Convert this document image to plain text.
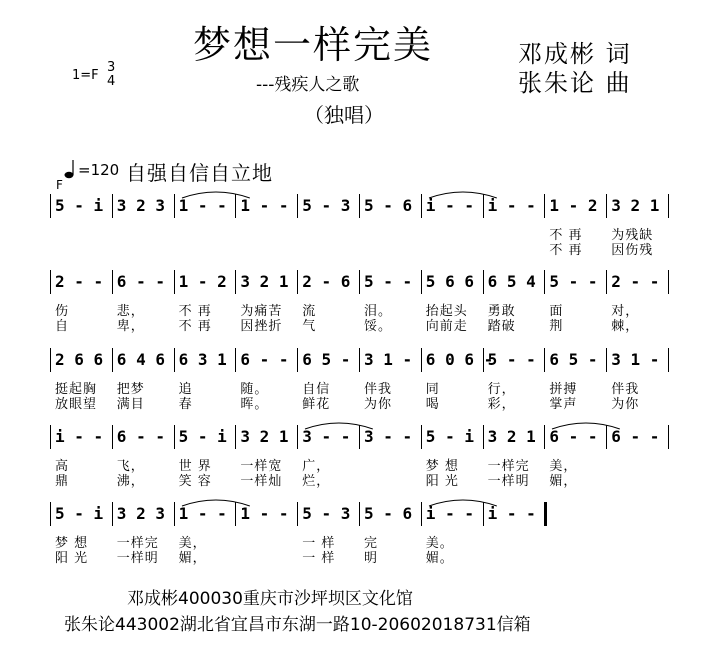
梦想一样完美
---残疾人之歌
（独唱）
邓成彬 词
张朱论 曲
1=F
3
4
=120 自强自信自立地
F
5 - i 3 2 3 1 - - 1 - - 5 - 3 5 - 6 i - - i - - 1 - 2
不 再
不 再
3 2 1
为残缺
因伤残
2 - -
伤
自
6 - -
悲，
卑，
1 - 2
不 再
不 再
3 2 1
为痛苦
因挫折
2 - 6
流
气
5 - -
泪。
馁。
5 6 6
抬起头
向前走
6 5 4
勇敢
踏破
5 - -
面
荆
2 - -
对，
棘，
2 6 6
挺起胸
放眼望
6 4 6
把梦
满目
6 3 1
追
春
6 - -
随。
晖。
6 5 -
自信
鲜花
3 1 -
伴我
为你
6 0 6 -
同
喝
5 - -
行，
彩，
6 5 -
拼搏
掌声
3 1 -
伴我
为你
i - -
高
鼎
6 - -
飞，
沸，
5 - i
世 界
笑 容
3 2 1
一样宽
一样灿
3 - -
广，
烂，
3 - - 5 - i
梦 想
阳 光
3 2 1
一样完
一样明
6 - -
美，
媚，
6 - -
5 - i
梦 想
阳 光
3 2 3
一样完
一样明
1 - -
美，
媚，
1 - - 5 - 3
一 样
一 样
5 - 6
完
明
i - -
美。
媚。
i - -
邓成彬400030重庆市沙坪坝区文化馆
张朱论443002湖北省宜昌市东湖一路10-20602018731信箱
